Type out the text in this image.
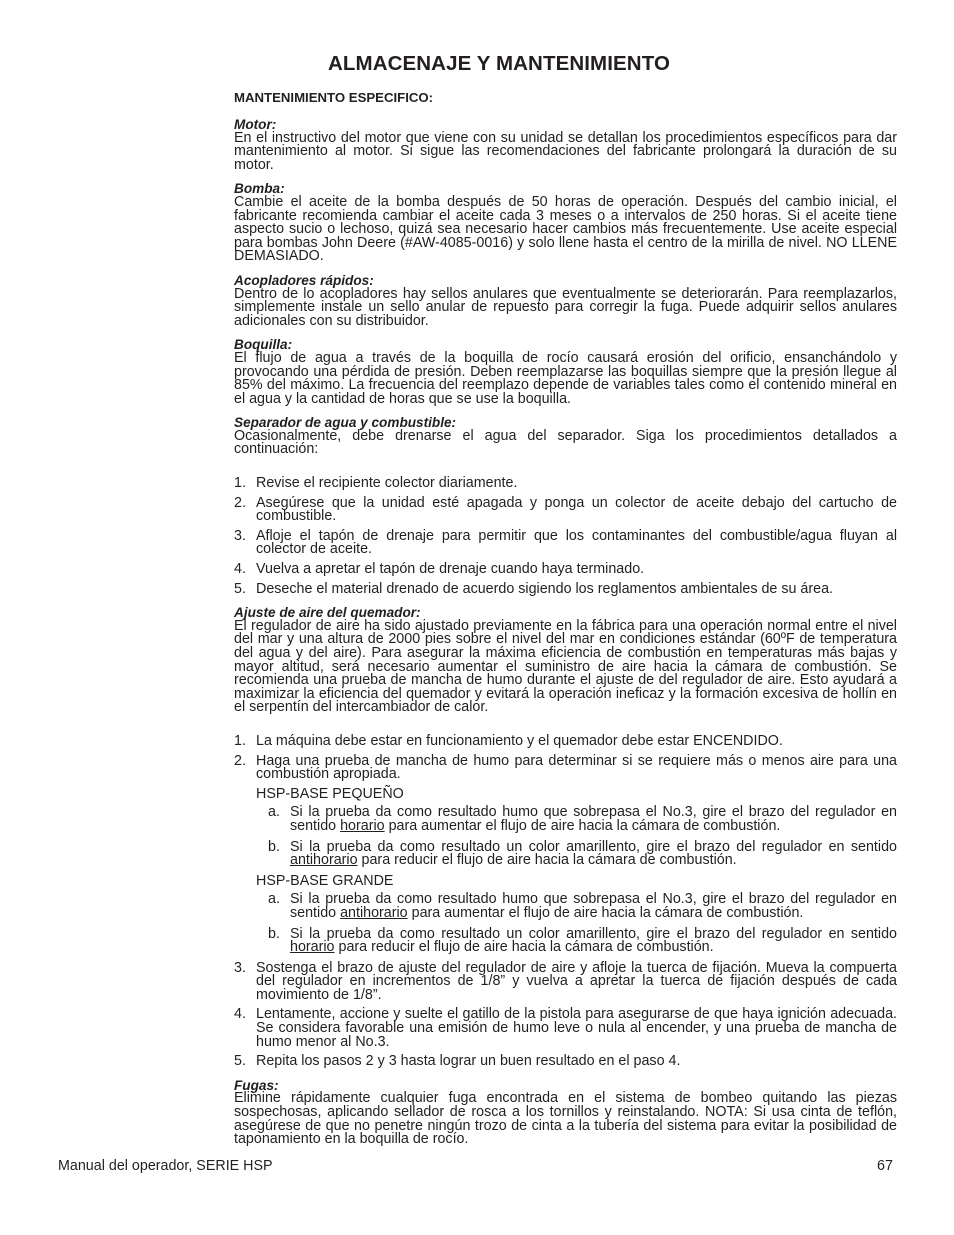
ALMACENAJE Y MANTENIMIENTO
MANTENIMIENTO ESPECIFICO:
Motor:
En el instructivo del motor que viene con su unidad se detallan los procedimientos específicos para dar mantenimiento al motor. Si sigue las recomendaciones del fabricante prolongará la duración de su motor.
Bomba:
Cambie el aceite de la bomba después de 50 horas de operación. Después del cambio inicial, el fabricante recomienda cambiar el aceite cada 3 meses o a intervalos de 250 horas. Si el aceite tiene aspecto sucio o lechoso, quizá sea necesario hacer cambios más frecuentemente. Use aceite especial para bombas John Deere (#AW-4085-0016) y solo llene hasta el centro de la mirilla de nivel. NO LLENE DEMASIADO.
Acopladores rápidos:
Dentro de lo acopladores hay sellos anulares que eventualmente se deteriorarán. Para reemplazarlos, simplemente instale un sello anular de repuesto para corregir la fuga. Puede adquirir sellos anulares adicionales con su distribuidor.
Boquilla:
El flujo de agua a través de la boquilla de rocío causará erosión del orificio, ensanchándolo y provocando una pérdida de presión. Deben reemplazarse las boquillas siempre que la presión llegue al 85% del máximo. La frecuencia del reemplazo depende de variables tales como el contenido mineral en el agua y la cantidad de horas que se use la boquilla.
Separador de agua y combustible:
Ocasionalmente, debe drenarse el agua del separador. Siga los procedimientos detallados a continuación:
1. Revise el recipiente colector diariamente.
2. Asegúrese que la unidad esté apagada y ponga un colector de aceite debajo del cartucho de combustible.
3. Afloje el tapón de drenaje para permitir que los contaminantes del combustible/agua fluyan al colector de aceite.
4. Vuelva a apretar el tapón de drenaje cuando haya terminado.
5. Deseche el material drenado de acuerdo sigiendo los reglamentos ambientales de su área.
Ajuste de aire del quemador:
El regulador de aire ha sido ajustado previamente en la fábrica para una operación normal entre el nivel del mar y una altura de 2000 pies sobre el nivel del mar en condiciones estándar (60ºF de temperatura del agua y del aire). Para asegurar la máxima eficiencia de combustión en temperaturas más bajas y mayor altitud, será necesario aumentar el suministro de aire hacia la cámara de combustión. Se recomienda una prueba de mancha de humo durante el ajuste de del regulador de aire. Esto ayudará a maximizar la eficiencia del quemador y evitará la operación ineficaz y la formación excesiva de hollín en el serpentín del intercambiador de calor.
1. La máquina debe estar en funcionamiento y el quemador debe estar ENCENDIDO.
2. Haga una prueba de mancha de humo para determinar si se requiere más o menos aire para una combustión apropiada.
HSP-BASE PEQUEÑO
a. Si la prueba da como resultado humo que sobrepasa el No.3, gire el brazo del regulador en sentido horario para aumentar el flujo de aire hacia la cámara de combustión.
b. Si la prueba da como resultado un color amarillento, gire el brazo del regulador en sentido antihorario para reducir el flujo de aire hacia la cámara de combustión.
HSP-BASE GRANDE
a. Si la prueba da como resultado humo que sobrepasa el No.3, gire el brazo del regulador en sentido antihorario para aumentar el flujo de aire hacia la cámara de combustión.
b. Si la prueba da como resultado un color amarillento, gire el brazo del regulador en sentido horario para reducir el flujo de aire hacia la cámara de combustión.
3. Sostenga el brazo de ajuste del regulador de aire y afloje la tuerca de fijación. Mueva la compuerta del regulador en incrementos de 1/8” y vuelva a apretar la tuerca de fijación después de cada movimiento de 1/8”.
4. Lentamente, accione y suelte el gatillo de la pistola para asegurarse de que haya ignición adecuada. Se considera favorable una emisión de humo leve o nula al encender, y una prueba de mancha de humo menor al No.3.
5. Repita los pasos 2 y 3 hasta lograr un buen resultado en el paso 4.
Fugas:
Elimine rápidamente cualquier fuga encontrada en el sistema de bombeo quitando las piezas sospechosas, aplicando sellador de rosca a los tornillos y reinstalando. NOTA: Si usa cinta de teflón, asegúrese de que no penetre ningún trozo de cinta a la tubería del sistema para evitar la posibilidad de taponamiento en la boquilla de rocío.
Manual del operador, SERIE HSP	67
